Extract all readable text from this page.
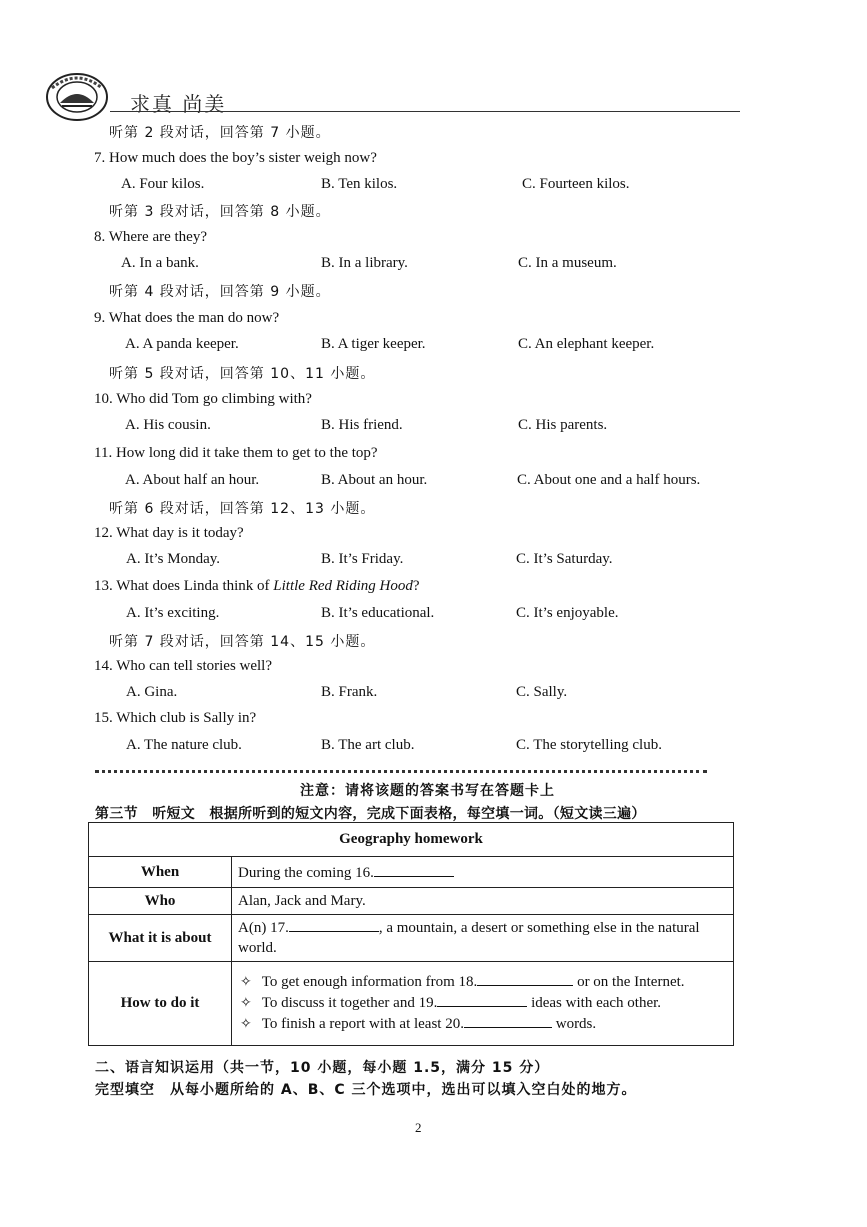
求真 尚美
听第 2 段对话，回答第 7 小题。
7. How much does the boy’s sister weigh now?
A. Four kilos.	B. Ten kilos.	C. Fourteen kilos.
听第 3 段对话，回答第 8 小题。
8. Where are they?
A. In a bank.	B. In a library.	C. In a museum.
听第 4 段对话，回答第 9 小题。
9. What does the man do now?
A. A panda keeper.	B. A tiger keeper.	C. An elephant keeper.
听第 5 段对话，回答第 10、11 小题。
10. Who did Tom go climbing with?
A. His cousin.	B. His friend.	C. His parents.
11. How long did it take them to get to the top?
A. About half an hour.	B. About an hour.	C. About one and a half hours.
听第 6 段对话，回答第 12、13 小题。
12. What day is it today?
A. It’s Monday.	B. It’s Friday.	C. It’s Saturday.
13. What does Linda think of Little Red Riding Hood?
A. It’s exciting.	B. It’s educational.	C. It’s enjoyable.
听第 7 段对话，回答第 14、15 小题。
14. Who can tell stories well?
A. Gina.	B. Frank.	C. Sally.
15. Which club is Sally in?
A. The nature club.	B. The art club.	C. The storytelling club.
注意：请将该题的答案书写在答题卡上
第三节　听短文　根据所听到的短文内容，完成下面表格，每空填一词。（短文读三遍）
Geography homework	
When	During the coming 16.
Who	Alan, Jack and Mary.
What it is about	A(n) 17. , a mountain, a desert or something else in the natural world.
How to do it	✧ To get enough information from 18. or on the Internet.
✧ To discuss it together and 19. ideas with each other.
✧ To finish a report with at least 20. words.
二、语言知识运用（共一节，10 小题，每小题 1.5，满分 15 分）
完型填空　从每小题所给的 A、B、C 三个选项中，选出可以填入空白处的地方。
2
